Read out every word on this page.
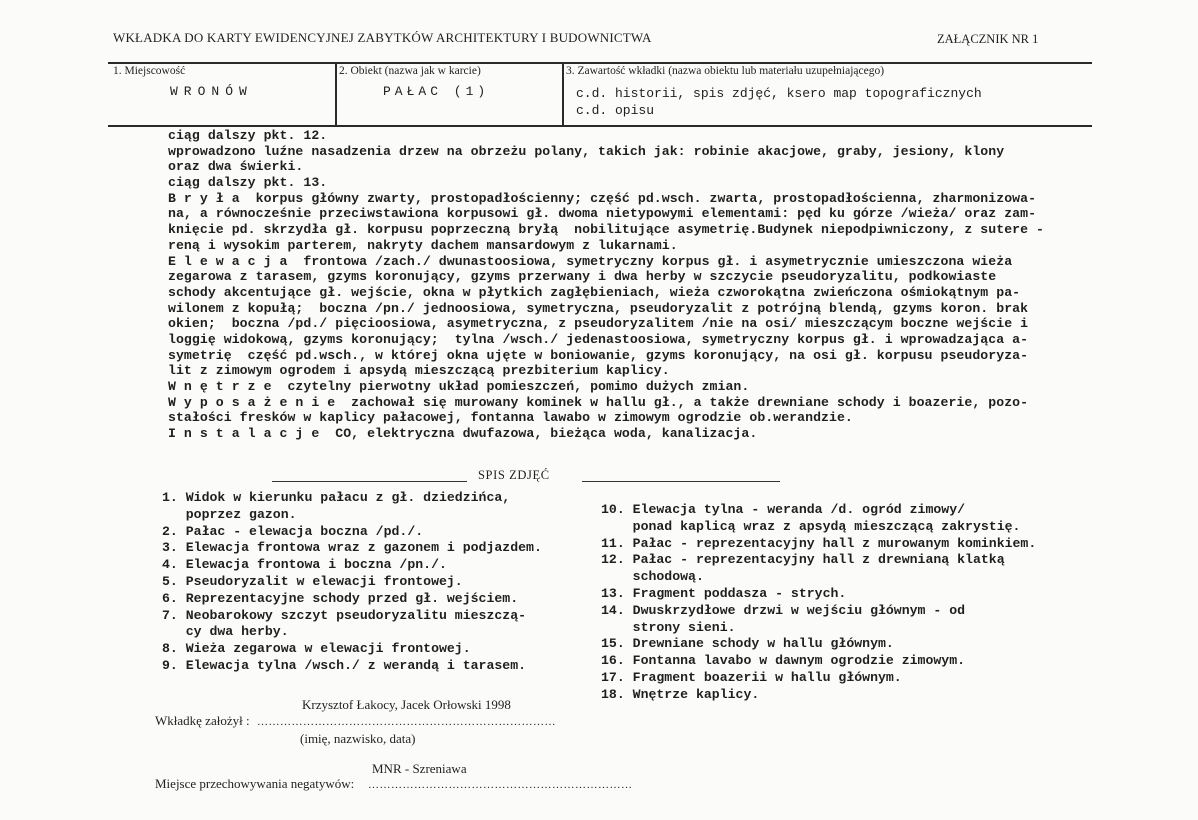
WKŁADKA DO KARTY EWIDENCYJNEJ ZABYTKÓW ARCHITEKTURY I BUDOWNICTWA	ZAŁĄCZNIK NR 1
1. Miejscowość
WRONÓW
2. Obiekt (nazwa jak w karcie)
PAŁAC (1)
3. Zawartość wkładki (nazwa obiektu lub materiału uzupełniającego)
c.d. historii, spis zdjęć, ksero map topograficznych
c.d. opisu
ciąg dalszy pkt. 12.
wprowadzono luźne nasadzenia drzew na obrzeżu polany, takich jak: robinie akacjowe, graby, jesiony, klony
oraz dwa świerki.
ciąg dalszy pkt. 13.
B r y ł a  korpus główny zwarty, prostopadłościenny; część pd.wsch. zwarta, prostopadłościenna, zharmonizowa-
na, a równocześnie przeciwstawiona korpusowi gł. dwoma nietypowymi elementami: pęd ku górze /wieża/ oraz zam-
knięcie pd. skrzydła gł. korpusu poprzeczną bryłą  nobilitujące asymetrię.Budynek niepodpiwniczony, z sutere -
reną i wysokim parterem, nakryty dachem mansardowym z lukarnami.
E l e w a c j a  frontowa /zach./ dwunastoosiowa, symetryczny korpus gł. i asymetrycznie umieszczona wieża
zegarowa z tarasem, gzyms koronujący, gzyms przerwany i dwa herby w szczycie pseudoryzalitu, podkowiaste
schody akcentujące gł. wejście, okna w płytkich zagłębieniach, wieża czworokątna zwieńczona ośmiokątnym pa-
wilonem z kopułą;  boczna /pn./ jednoosiowa, symetryczna, pseudoryzalit z potrójną blendą, gzyms koron. brak
okien;  boczna /pd./ pięcioosiowa, asymetryczna, z pseudoryzalitem /nie na osi/ mieszczącym boczne wejście i
loggię widokową, gzyms koronujący;  tylna /wsch./ jedenastoosiowa, symetryczny korpus gł. i wprowadzająca a-
symetrię  część pd.wsch., w której okna ujęte w boniowanie, gzyms koronujący, na osi gł. korpusu pseudoryza-
lit z zimowym ogrodem i apsydą mieszczącą prezbiterium kaplicy.
W n ę t r z e  czytelny pierwotny układ pomieszczeń, pomimo dużych zmian.
W y p o s a ż e n i e  zachował się murowany kominek w hallu gł., a także drewniane schody i boazerie, pozo-
stałości fresków w kaplicy pałacowej, fontanna lawabo w zimowym ogrodzie ob.werandzie.
I n s t a l a c j e  CO, elektryczna dwufazowa, bieżąca woda, kanalizacja.
SPIS ZDJĘĆ
1. Widok w kierunku pałacu z gł. dziedzińca,
poprzez gazon.
2. Pałac - elewacja boczna /pd./.
3. Elewacja frontowa wraz z gazonem i podjazdem.
4. Elewacja frontowa i boczna /pn./.
5. Pseudoryzalit w elewacji frontowej.
6. Reprezentacyjne schody przed gł. wejściem.
7. Neobarokowy szczyt pseudoryzalitu mieszczą-
cy dwa herby.
8. Wieża zegarowa w elewacji frontowej.
9. Elewacja tylna /wsch./ z werandą i tarasem.
10. Elewacja tylna - weranda /d. ogród zimowy/
ponad kaplicą wraz z apsydą mieszczącą zakrystię.
11. Pałac - reprezentacyjny hall z murowanym kominkiem.
12. Pałac - reprezentacyjny hall z drewnianą klatką
schodową.
13. Fragment poddasza - strych.
14. Dwuskrzydłowe drzwi w wejściu głównym - od
strony sieni.
15. Drewniane schody w hallu głównym.
16. Fontanna lavabo w dawnym ogrodzie zimowym.
17. Fragment boazerii w hallu głównym.
18. Wnętrze kaplicy.
Krzysztof Łakocy, Jacek Orłowski 1998
Wkładkę założył : ……………………………………………………………………
(imię, nazwisko, data)
MNR - Szreniawa
Miejsce przechowywania negatywów: ……………………………………………………………
